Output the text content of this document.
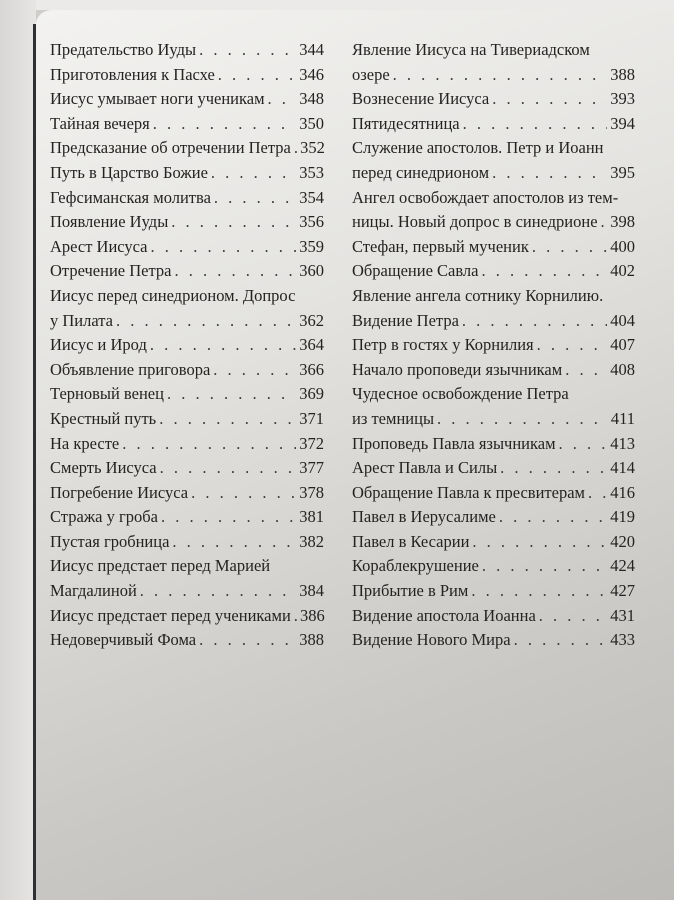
Предательство Иуды . . .	344
Приготовления к Пасхе . . .	346
Иисус умывает ноги ученикам . . . 348
Тайная вечеря . . .	350
Предсказание об отречении Петра . . . 352
Путь в Царство Божие . . .	353
Гефсиманская молитва . . .	354
Появление Иуды . . .	356
Арест Иисуса . . .	359
Отречение Петра . . .	360
Иисус перед синедрионом. Допрос
у Пилата . . .	362
Иисус и Ирод . . .	364
Объявление приговора . . .	366
Терновый венец . . .	369
Крестный путь . . .	371
На кресте . . .	372
Смерть Иисуса . . .	377
Погребение Иисуса . . .	378
Стража у гроба . . .	381
Пустая гробница . . .	382
Иисус предстает перед Марией
Магдалиной . . .	384
Иисус предстает перед учениками . . . 386
Недоверчивый Фома . . .	388
Явление Иисуса на Тивериадском
озере . . .	388
Вознесение Иисуса . . .	393
Пятидесятница . . .	394
Служение апостолов. Петр и Иоанн
перед синедрионом . . .	395
Ангел освобождает апостолов из тем-
ницы. Новый допрос в синедрионе . . . 398
Стефан, первый мученик . . .	400
Обращение Савла . . .	402
Явление ангела сотнику Корнилию.
Видение Петра . . .	404
Петр в гостях у Корнилия . . .	407
Начало проповеди язычникам . . .	408
Чудесное освобождение Петра
из темницы . . .	411
Проповедь Павла язычникам . . .	413
Арест Павла и Силы . . .	414
Обращение Павла к пресвитерам . . . 416
Павел в Иерусалиме . . .	419
Павел в Кесарии . . .	420
Кораблекрушение . . .	424
Прибытие в Рим . . .	427
Видение апостола Иоанна . . .	431
Видение Нового Мира . . .	433
